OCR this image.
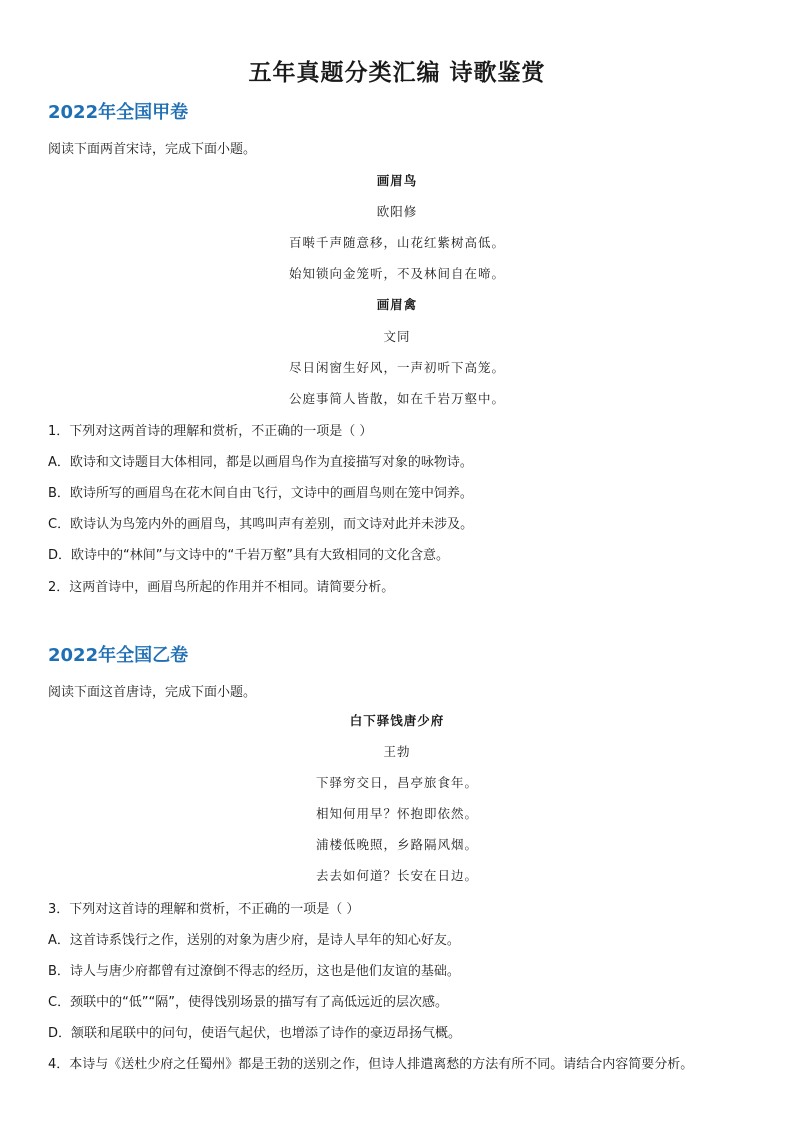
五年真题分类汇编 诗歌鉴赏
2022年全国甲卷
阅读下面两首宋诗，完成下面小题。
画眉鸟
欧阳修
百啭千声随意移，山花红紫树高低。
始知锁向金笼听，不及林间自在啼。
画眉禽
文同
尽日闲窗生好风，一声初听下高笼。
公庭事简人皆散，如在千岩万壑中。
1．下列对这两首诗的理解和赏析，不正确的一项是（ ）
A．欧诗和文诗题目大体相同，都是以画眉鸟作为直接描写对象的咏物诗。
B．欧诗所写的画眉鸟在花木间自由飞行，文诗中的画眉鸟则在笼中饲养。
C．欧诗认为鸟笼内外的画眉鸟，其鸣叫声有差别，而文诗对此并未涉及。
D．欧诗中的“林间”与文诗中的“千岩万壑”具有大致相同的文化含意。
2．这两首诗中，画眉鸟所起的作用并不相同。请简要分析。
2022年全国乙卷
阅读下面这首唐诗，完成下面小题。
白下驿饯唐少府
王勃
下驿穷交日，昌亭旅食年。
相知何用早？怀抱即依然。
浦楼低晚照，乡路隔风烟。
去去如何道？长安在日边。
3．下列对这首诗的理解和赏析，不正确的一项是（ ）
A．这首诗系饯行之作，送别的对象为唐少府，是诗人早年的知心好友。
B．诗人与唐少府都曾有过潦倒不得志的经历，这也是他们友谊的基础。
C．颈联中的“低”“隔”，使得饯别场景的描写有了高低远近的层次感。
D．颔联和尾联中的问句，使语气起伏，也增添了诗作的豪迈昂扬气概。
4．本诗与《送杜少府之任蜀州》都是王勃的送别之作，但诗人排遣离愁的方法有所不同。请结合内容简要分析。
